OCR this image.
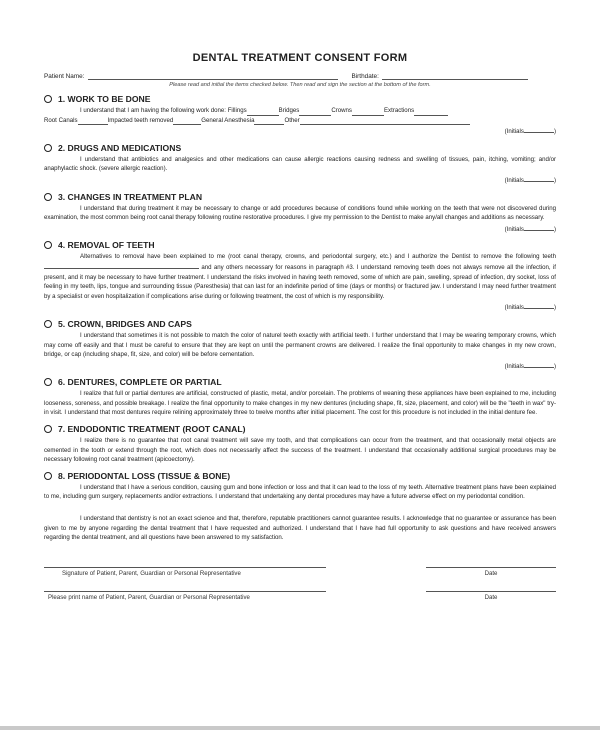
DENTAL TREATMENT CONSENT FORM
Patient Name:	Birthdate:
Please read and initial the items checked below. Then read and sign the section at the bottom of the form.
1. WORK TO BE DONE
I understand that I am having the following work done: Fillings	Bridges	Crowns	Extractions
Root Canals	Impacted teeth removed	General Anesthesia	Other
(Initials	)
2. DRUGS AND MEDICATIONS

I understand that antibiotics and analgesics and other medications can cause allergic reactions causing redness and swelling of tissues, pain, itching, vomiting; and/or anaphylactic shock. (severe allergic reaction).

(Initials	)
3. CHANGES IN TREATMENT PLAN

I understand that during treatment it may be necessary to change or add procedures because of conditions found while working on the teeth that were not discovered during examination, the most common being root canal therapy following routine restorative procedures. I give my permission to the Dentist to make any/all changes and additions as necessary.

(Initials	)
4. REMOVAL OF TEETH

Alternatives to removal have been explained to me (root canal therapy, crowns, and periodontal surgery, etc.) and I authorize the Dentist to remove the following teeth  and any others necessary for reasons in paragraph #3. I understand removing teeth does not always remove all the infection, if present, and it may be necessary to have further treatment. I understand the risks involved in having teeth removed, some of which are pain, swelling, spread of infection, dry socket, loss of feeling in my teeth, lips, tongue and surrounding tissue (Paresthesia) that can last for an indefinite period of time (days or months) or fractured jaw. I understand I may need further treatment by a specialist or even hospitalization if complications arise during or following treatment, the cost of which is my responsibility.

(Initials	)
5. CROWN, BRIDGES AND CAPS

I understand that sometimes it is not possible to match the color of naturel teeth exactly with artificial teeth. I further understand that I may be wearing temporary crowns, which may come off easily and that I must be careful to ensure that they are kept on until the permanent crowns are delivered. I realize the final opportunity to make changes in my new crown, bridge, or cap (including shape, fit, size, and color) will be before cementation.

(Initials	)
6. DENTURES, COMPLETE OR PARTIAL

I realize that full or partial dentures are artificial, constructed of plastic, metal, and/or porcelain. The problems of weaning these appliances have been explained to me, including looseness, soreness, and possible breakage. I realize the final opportunity to make changes in my new dentures (including shape, fit, size, placement, and color) will be the "teeth in wax" try-in visit. I understand that most dentures require relining approximately three to twelve months after initial placement. The cost for this procedure is not included in the initial denture fee.

7. ENDODONTIC TREATMENT (ROOT CANAL)

I realize there is no guarantee that root canal treatment will save my tooth, and that complications can occur from the treatment, and that occasionally metal objects are cemented in the tooth or extend through the root, which does not necessarily affect the success of the treatment. I understand that occasionally additional surgical procedures may be necessary following root canal treatment (apicoectomy).

8. PERIODONTAL LOSS (TISSUE & BONE)

I understand that I have a serious condition, causing gum and bone infection or loss and that it can lead to the loss of my teeth. Alternative treatment plans have been explained to me, including gum surgery, replacements and/or extractions. I understand that undertaking any dental procedures may have a future adverse effect on my periodontal condition.

I understand that dentistry is not an exact science and that, therefore, reputable practitioners cannot guarantee results. I acknowledge that no guarantee or assurance has been given to me by anyone regarding the dental treatment that I have requested and authorized. I understand that I have had full opportunity to ask questions and have received answers regarding the dental treatment, and all questions have been answered to my satisfaction.

Signature of Patient, Parent, Guardian or Personal Representative	Date
Please print name of Patient, Parent, Guardian or Personal Representative	Date
